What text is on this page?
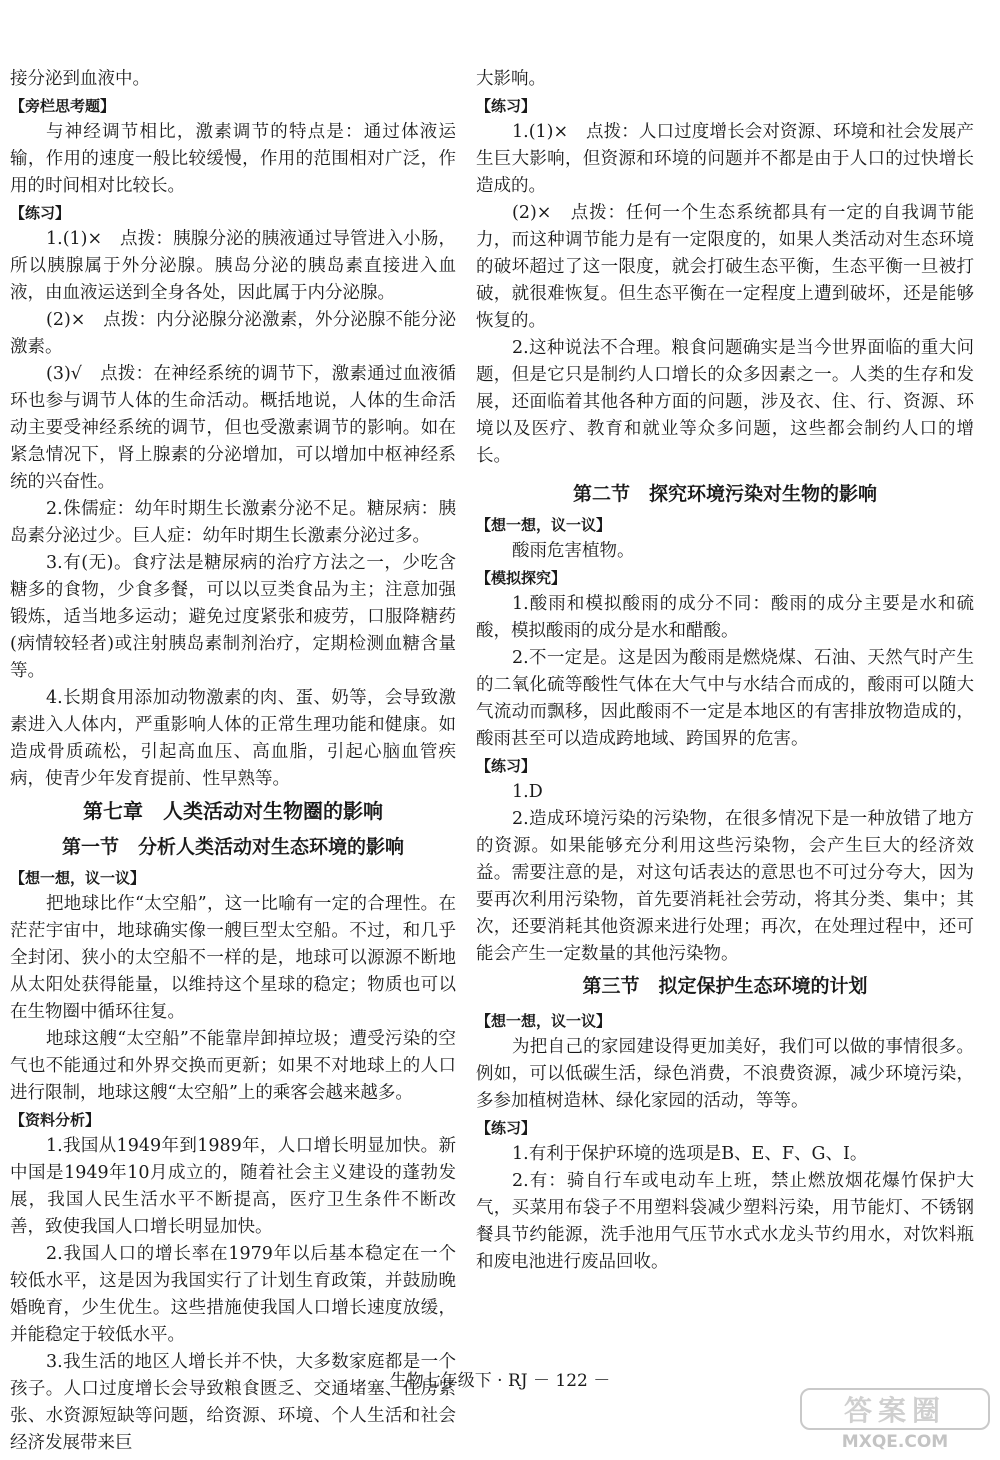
接分泌到血液中。
【旁栏思考题】
与神经调节相比，激素调节的特点是：通过体液运输，作用的速度一般比较缓慢，作用的范围相对广泛，作用的时间相对比较长。
【练习】
1.(1)×　点拨：胰腺分泌的胰液通过导管进入小肠，所以胰腺属于外分泌腺。胰岛分泌的胰岛素直接进入血液，由血液运送到全身各处，因此属于内分泌腺。
(2)×　点拨：内分泌腺分泌激素，外分泌腺不能分泌激素。
(3)√　点拨：在神经系统的调节下，激素通过血液循环也参与调节人体的生命活动。概括地说，人体的生命活动主要受神经系统的调节，但也受激素调节的影响。如在紧急情况下，肾上腺素的分泌增加，可以增加中枢神经系统的兴奋性。
2.侏儒症：幼年时期生长激素分泌不足。糖尿病：胰岛素分泌过少。巨人症：幼年时期生长激素分泌过多。
3.有(无)。食疗法是糖尿病的治疗方法之一，少吃含糖多的食物，少食多餐，可以以豆类食品为主；注意加强锻炼，适当地多运动；避免过度紧张和疲劳，口服降糖药(病情较轻者)或注射胰岛素制剂治疗，定期检测血糖含量等。
4.长期食用添加动物激素的肉、蛋、奶等，会导致激素进入人体内，严重影响人体的正常生理功能和健康。如造成骨质疏松，引起高血压、高血脂，引起心脑血管疾病，使青少年发育提前、性早熟等。
第七章　人类活动对生物圈的影响
第一节　分析人类活动对生态环境的影响
【想一想，议一议】
把地球比作“太空船”，这一比喻有一定的合理性。在茫茫宇宙中，地球确实像一艘巨型太空船。不过，和几乎全封闭、狭小的太空船不一样的是，地球可以源源不断地从太阳处获得能量，以维持这个星球的稳定；物质也可以在生物圈中循环往复。
地球这艘“太空船”不能靠岸卸掉垃圾；遭受污染的空气也不能通过和外界交换而更新；如果不对地球上的人口进行限制，地球这艘“太空船”上的乘客会越来越多。
【资料分析】
1.我国从1949年到1989年，人口增长明显加快。新中国是1949年10月成立的，随着社会主义建设的蓬勃发展，我国人民生活水平不断提高，医疗卫生条件不断改善，致使我国人口增长明显加快。
2.我国人口的增长率在1979年以后基本稳定在一个较低水平，这是因为我国实行了计划生育政策，并鼓励晚婚晚育，少生优生。这些措施使我国人口增长速度放缓，并能稳定于较低水平。
3.我生活的地区人增长并不快，大多数家庭都是一个孩子。人口过度增长会导致粮食匮乏、交通堵塞、住房紧张、水资源短缺等问题，给资源、环境、个人生活和社会经济发展带来巨
大影响。
【练习】
1.(1)×　点拨：人口过度增长会对资源、环境和社会发展产生巨大影响，但资源和环境的问题并不都是由于人口的过快增长造成的。
(2)×　点拨：任何一个生态系统都具有一定的自我调节能力，而这种调节能力是有一定限度的，如果人类活动对生态环境的破坏超过了这一限度，就会打破生态平衡，生态平衡一旦被打破，就很难恢复。但生态平衡在一定程度上遭到破坏，还是能够恢复的。
2.这种说法不合理。粮食问题确实是当今世界面临的重大问题，但是它只是制约人口增长的众多因素之一。人类的生存和发展，还面临着其他各种方面的问题，涉及衣、住、行、资源、环境以及医疗、教育和就业等众多问题，这些都会制约人口的增长。
第二节　探究环境污染对生物的影响
【想一想，议一议】
酸雨危害植物。
【模拟探究】
1.酸雨和模拟酸雨的成分不同：酸雨的成分主要是水和硫酸，模拟酸雨的成分是水和醋酸。
2.不一定是。这是因为酸雨是燃烧煤、石油、天然气时产生的二氧化硫等酸性气体在大气中与水结合而成的，酸雨可以随大气流动而飘移，因此酸雨不一定是本地区的有害排放物造成的，酸雨甚至可以造成跨地域、跨国界的危害。
【练习】
1.D
2.造成环境污染的污染物，在很多情况下是一种放错了地方的资源。如果能够充分利用这些污染物，会产生巨大的经济效益。需要注意的是，对这句话表达的意思也不可过分夸大，因为要再次利用污染物，首先要消耗社会劳动，将其分类、集中；其次，还要消耗其他资源来进行处理；再次，在处理过程中，还可能会产生一定数量的其他污染物。
第三节　拟定保护生态环境的计划
【想一想，议一议】
为把自己的家园建设得更加美好，我们可以做的事情很多。例如，可以低碳生活，绿色消费，不浪费资源，减少环境污染，多参加植树造林、绿化家园的活动，等等。
【练习】
1.有利于保护环境的选项是B、E、F、G、I。
2.有：骑自行车或电动车上班，禁止燃放烟花爆竹保护大气，买菜用布袋子不用塑料袋减少塑料污染，用节能灯、不锈钢餐具节约能源，洗手池用气压节水式水龙头节约用水，对饮料瓶和废电池进行废品回收。
生物七年级下 · RJ － 122 －
答案圈
MXQE.COM
